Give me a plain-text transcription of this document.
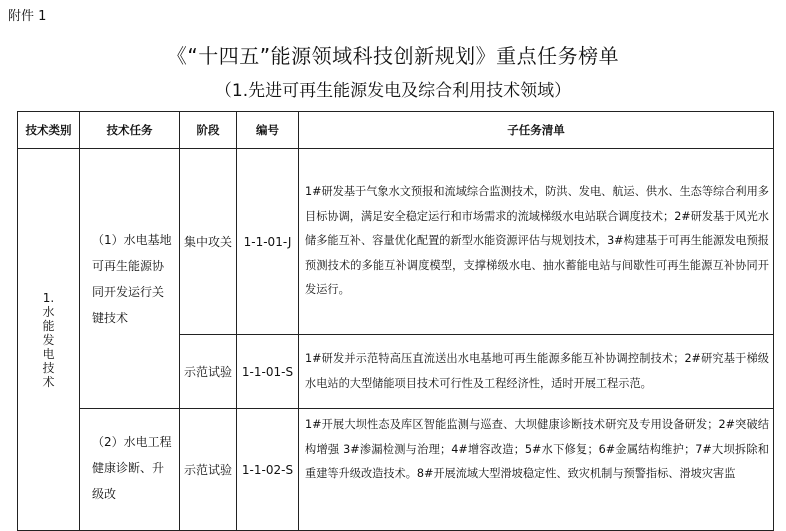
附件 1
《“十四五”能源领域科技创新规划》重点任务榜单
（1.先进可再生能源发电及综合利用技术领域）
技术类别	技术任务	阶段	编号	子任务清单
1.水能发电技术	（1）水电基地可再生能源协同开发运行关键技术	集中攻关	1-1-01-J	1#研发基于气象水文预报和流域综合监测技术，防洪、发电、航运、供水、生态等综合利用多目标协调，满足安全稳定运行和市场需求的流域梯级水电站联合调度技术；2#研发基于风光水储多能互补、容量优化配置的新型水能资源评估与规划技术，3#构建基于可再生能源发电预报预测技术的多能互补调度模型，支撑梯级水电、抽水蓄能电站与间歇性可再生能源互补协同开发运行。
		示范试验	1-1-01-S	1#研发并示范特高压直流送出水电基地可再生能源多能互补协调控制技术；2#研究基于梯级水电站的大型储能项目技术可行性及工程经济性，适时开展工程示范。
	（2）水电工程健康诊断、升级改	示范试验	1-1-02-S	1#开展大坝性态及库区智能监测与巡查、大坝健康诊断技术研究及专用设备研发；2#突破结构增强 3#渗漏检测与治理；4#增容改造；5#水下修复；6#金属结构维护；7#大坝拆除和重建等升级改造技术。8#开展流域大型滑坡稳定性、致灾机制与预警指标、滑坡灾害监
